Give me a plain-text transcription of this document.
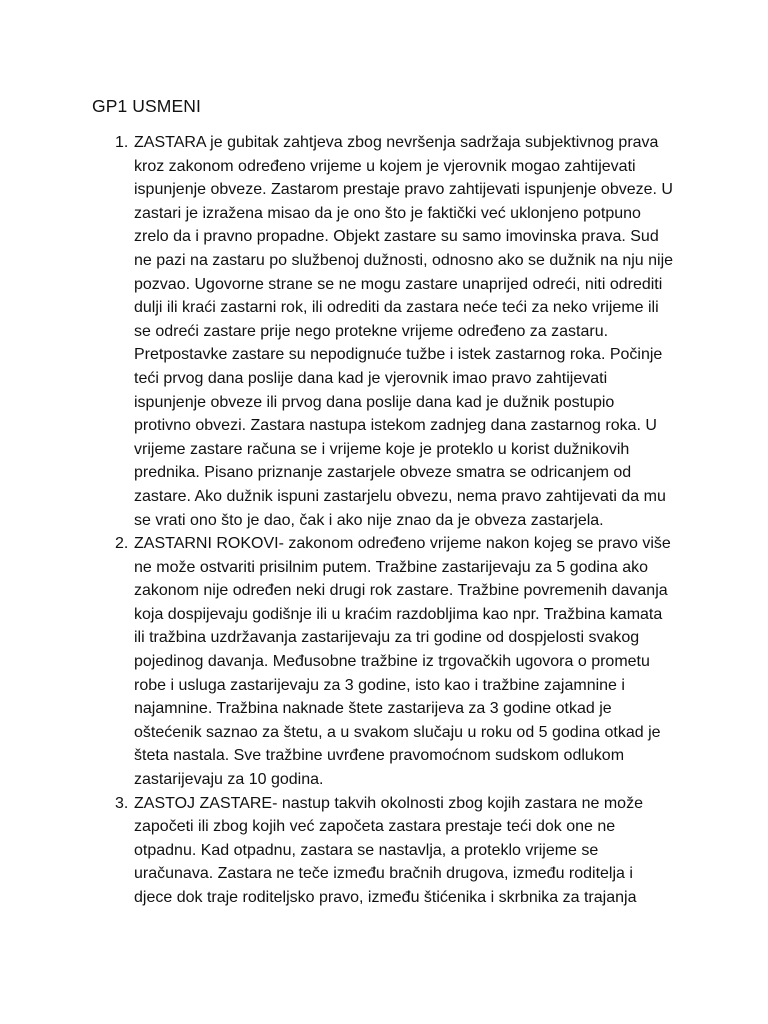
GP1 USMENI
1. ZASTARA je gubitak zahtjeva zbog nevršenja sadržaja subjektivnog prava
kroz zakonom određeno vrijeme u kojem je vjerovnik mogao zahtijevati
ispunjenje obveze. Zastarom prestaje pravo zahtijevati ispunjenje obveze. U
zastari je izražena misao da je ono što je faktički već uklonjeno potpuno
zrelo da i pravno propadne. Objekt zastare su samo imovinska prava. Sud
ne pazi na zastaru po službenoj dužnosti, odnosno ako se dužnik na nju nije
pozvao. Ugovorne strane se ne mogu zastare unaprijed odreći, niti odrediti
dulji ili kraći zastarni rok, ili odrediti da zastara neće teći za neko vrijeme ili
se odreći zastare prije nego protekne vrijeme određeno za zastaru.
Pretpostavke zastare su nepodignuće tužbe i istek zastarnog roka. Počinje
teći prvog dana poslije dana kad je vjerovnik imao pravo zahtijevati
ispunjenje obveze ili prvog dana poslije dana kad je dužnik postupio
protivno obvezi. Zastara nastupa istekom zadnjeg dana zastarnog roka. U
vrijeme zastare računa se i vrijeme koje je proteklo u korist dužnikovih
prednika. Pisano priznanje zastarjele obveze smatra se odricanjem od
zastare. Ako dužnik ispuni zastarjelu obvezu, nema pravo zahtijevati da mu
se vrati ono što je dao, čak i ako nije znao da je obveza zastarjela.
2. ZASTARNI ROKOVI- zakonom određeno vrijeme nakon kojeg se pravo više
ne može ostvariti prisilnim putem. Tražbine zastarijevaju za 5 godina ako
zakonom nije određen neki drugi rok zastare. Tražbine povremenih davanja
koja dospijevaju godišnje ili u kraćim razdobljima kao npr. Tražbina kamata
ili tražbina uzdržavanja zastarijevaju za tri godine od dospjelosti svakog
pojedinog davanja. Međusobne tražbine iz trgovačkih ugovora o prometu
robe i usluga zastarijevaju za 3 godine, isto kao i tražbine zajamnine i
najamnine. Tražbina naknade štete zastarijeva za 3 godine otkad je
oštećenik saznao za štetu, a u svakom slučaju u roku od 5 godina otkad je
šteta nastala. Sve tražbine uvrđene pravomoćnom sudskom odlukom
zastarijevaju za 10 godina.
3. ZASTOJ ZASTARE- nastup takvih okolnosti zbog kojih zastara ne može
započeti ili zbog kojih već započeta zastara prestaje teći dok one ne
otpadnu. Kad otpadnu, zastara se nastavlja, a proteklo vrijeme se
uračunava. Zastara ne teče između bračnih drugova, između roditelja i
djece dok traje roditeljsko pravo, između štićenika i skrbnika za trajanja
